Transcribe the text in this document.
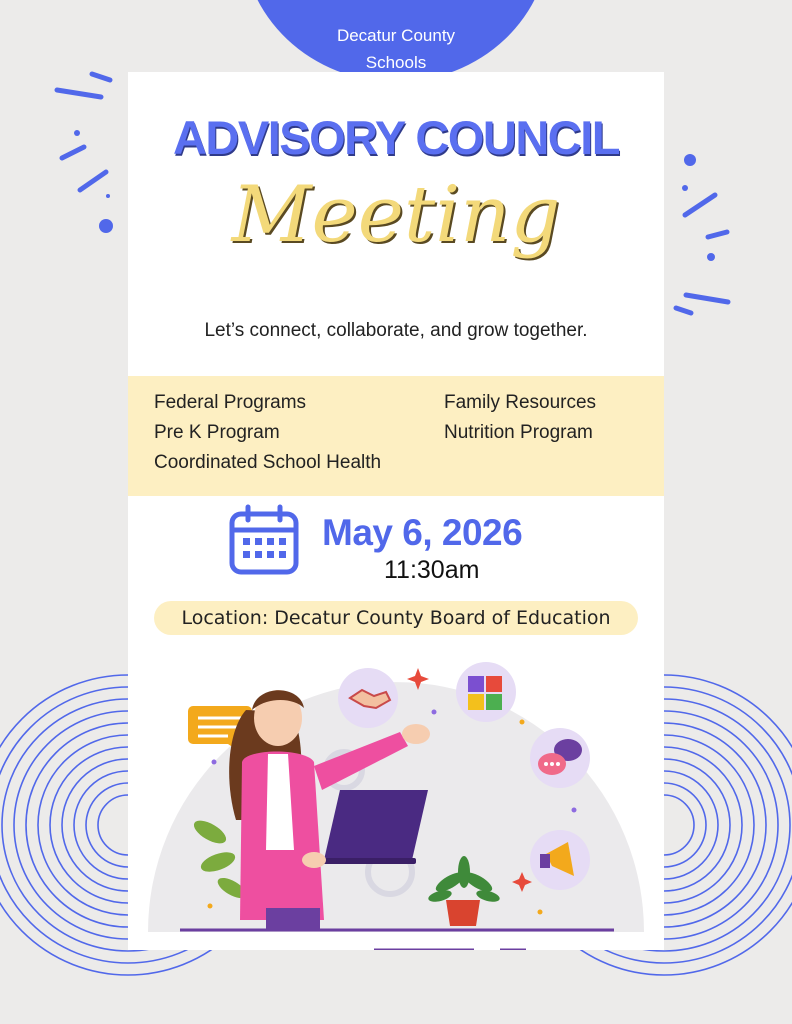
Decatur County
Schools
ADVISORY COUNCIL
Meeting
Let’s connect, collaborate, and grow together.
Federal Programs
Pre K Program
Coordinated School Health
Family Resources
Nutrition Program
May 6, 2026
11:30am
Location: Decatur County Board of Education
